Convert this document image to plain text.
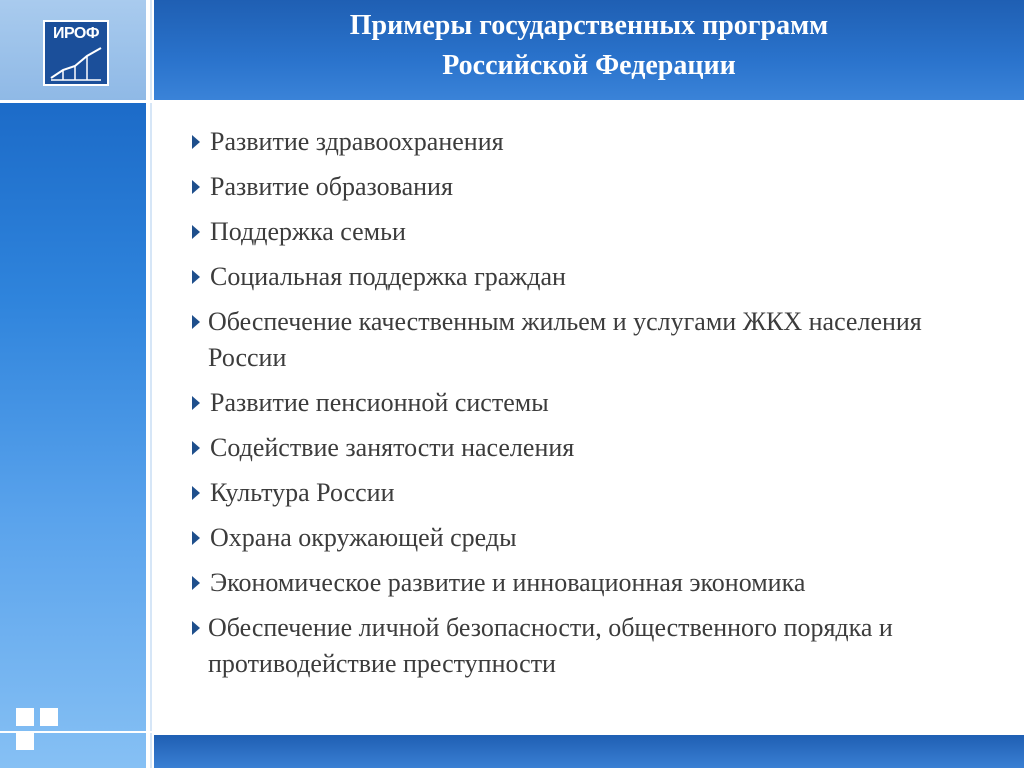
Примеры государственных программ
Российской Федерации
ИРОФ
Развитие здравоохранения
Развитие образования
Поддержка семьи
Социальная поддержка граждан
Обеспечение качественным жильем и услугами ЖКХ населения России
Развитие пенсионной системы
Содействие занятости населения
Культура России
Охрана окружающей среды
Экономическое развитие и инновационная экономика
Обеспечение личной безопасности, общественного порядка и противодействие преступности
